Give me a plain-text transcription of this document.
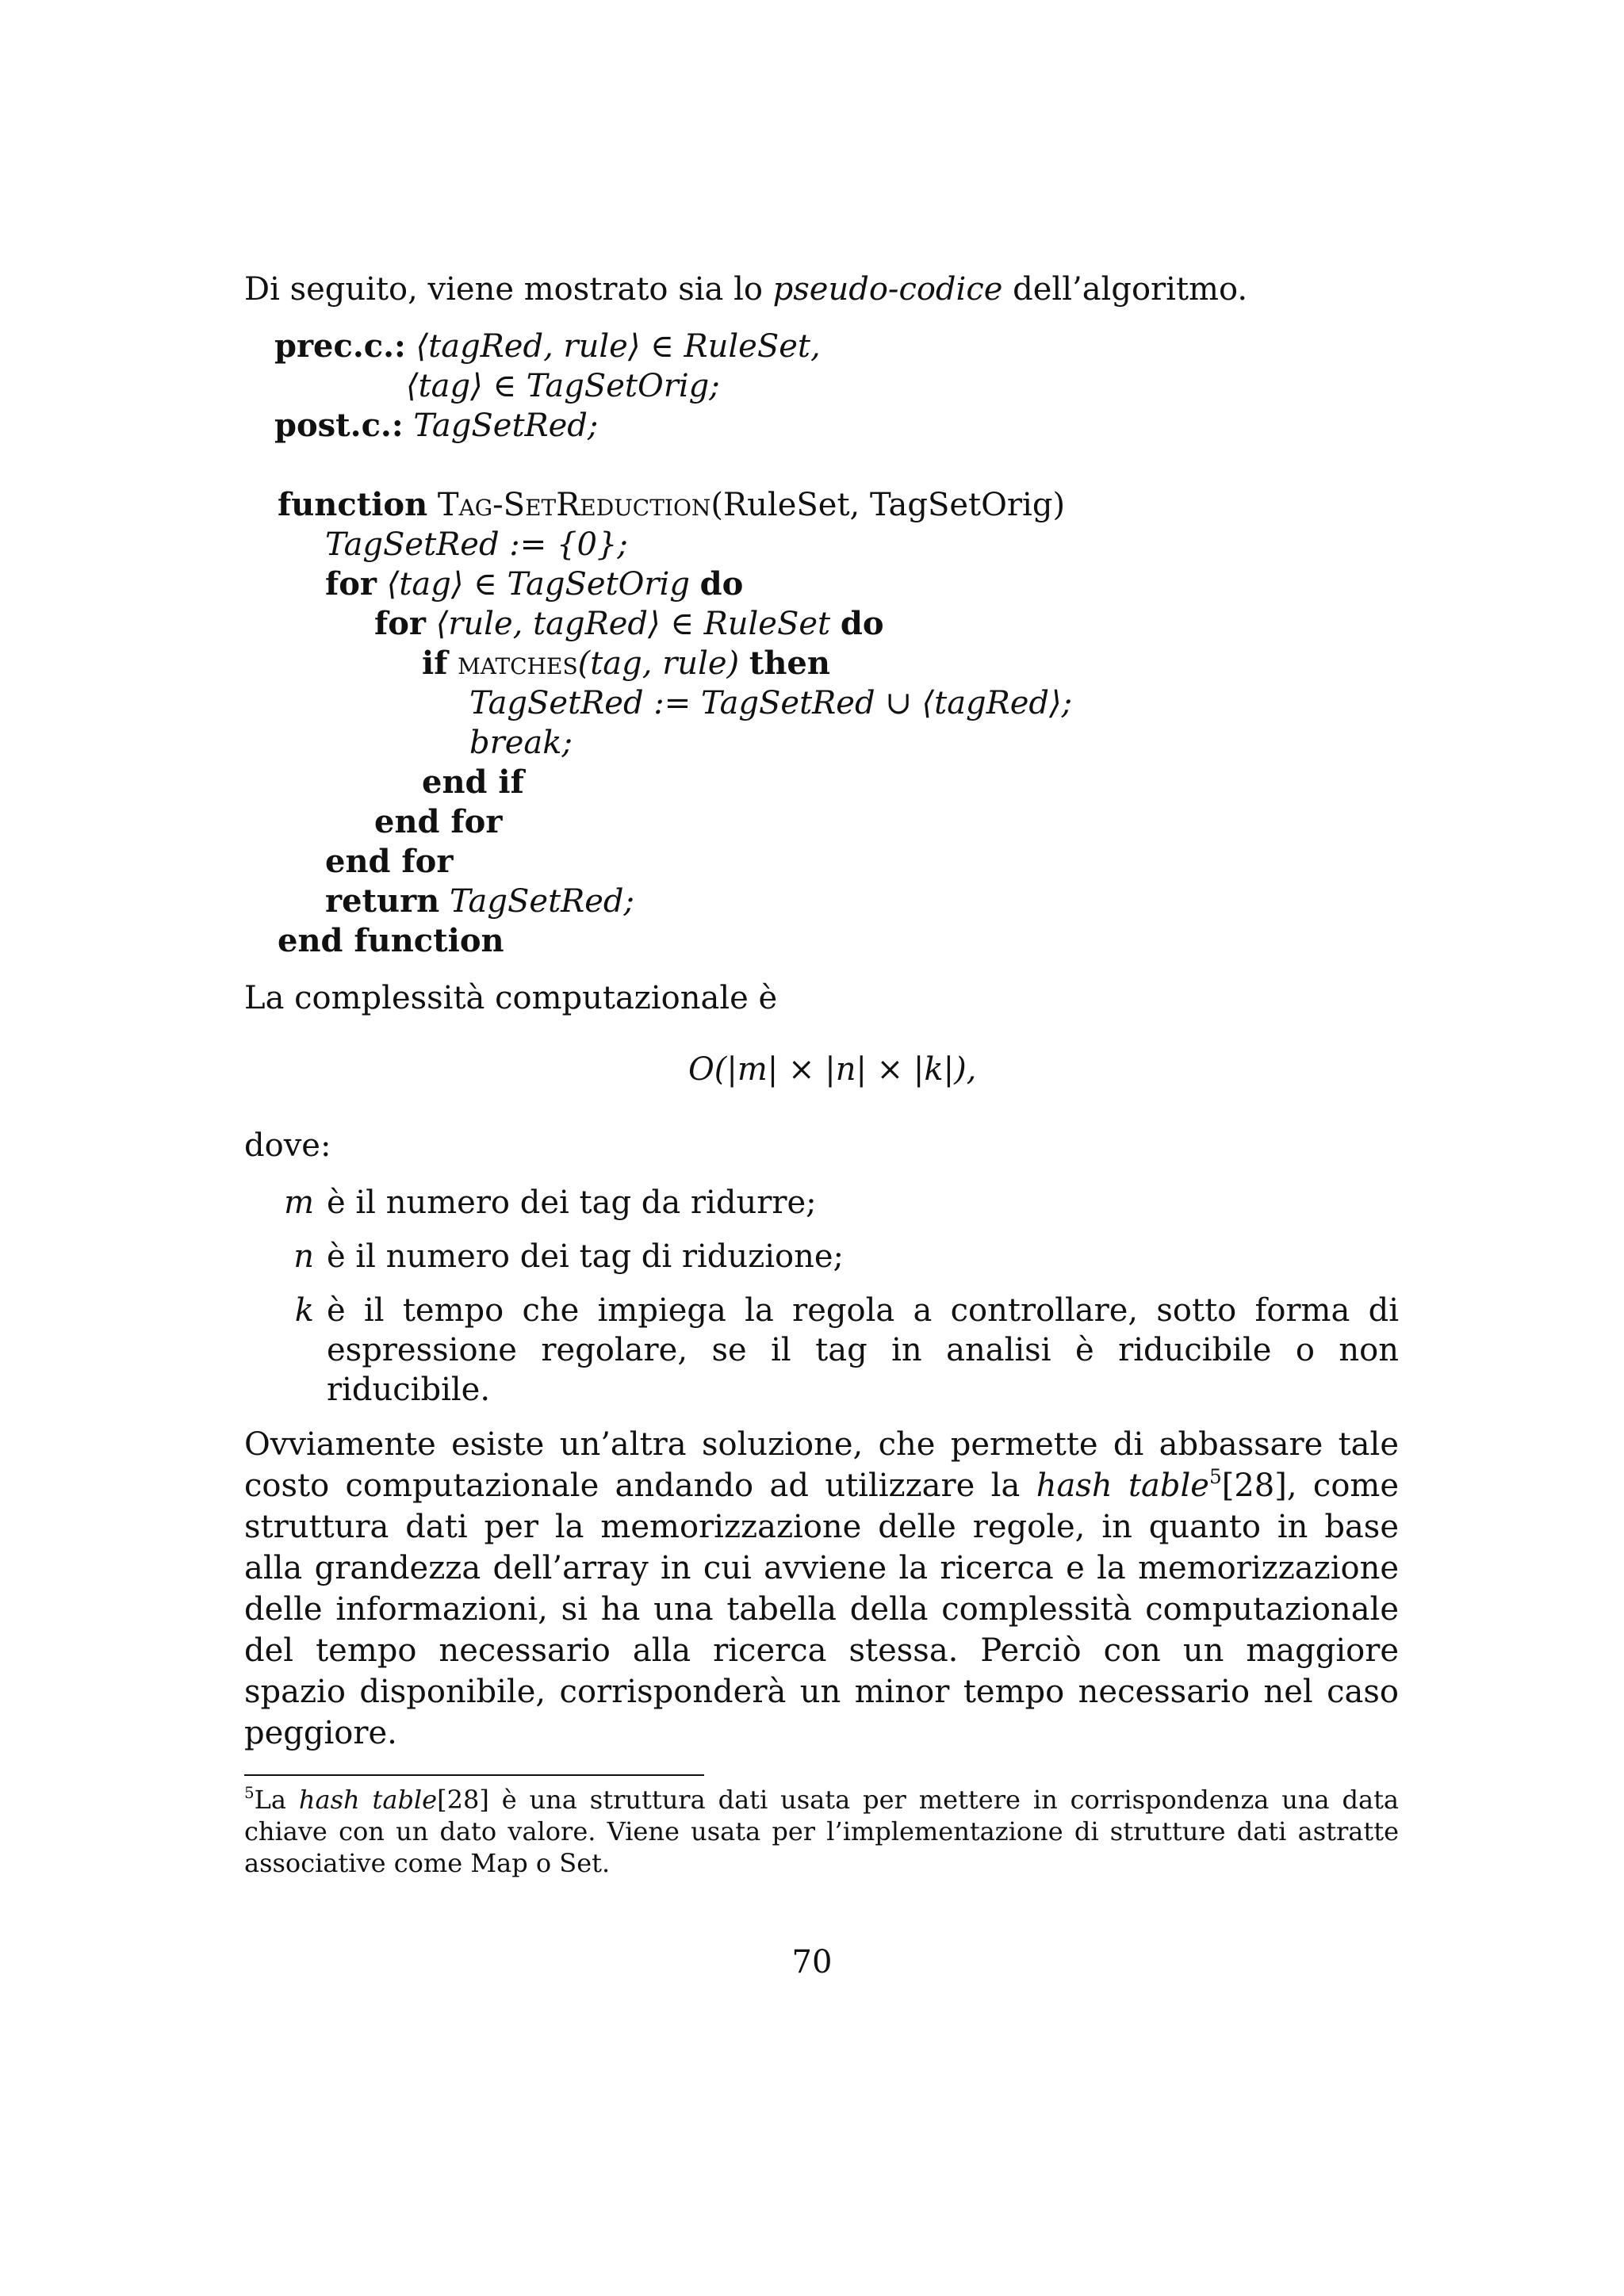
Di seguito, viene mostrato sia lo pseudo-codice dell’algoritmo.

prec.c.: ⟨tagRed, rule⟩ ∈ RuleSet,
⟨tag⟩ ∈ TagSetOrig;
post.c.: TagSetRed;
function Tag-SetReduction(RuleSet, TagSetOrig)
TagSetRed := {0};
for ⟨tag⟩ ∈ TagSetOrig do
for ⟨rule, tagRed⟩ ∈ RuleSet do
if matches(tag, rule) then
TagSetRed := TagSetRed ∪ ⟨tagRed⟩;
break;
end if
end for
end for
return TagSetRed;
end function

La complessità computazionale è

O(|m| × |n| × |k|),

dove:

m è il numero dei tag da ridurre;
n è il numero dei tag di riduzione;
k è il tempo che impiega la regola a controllare, sotto forma di espressione regolare, se il tag in analisi è riducibile o non riducibile.

Ovviamente esiste un’altra soluzione, che permette di abbassare tale costo computazionale andando ad utilizzare la hash table$^5$[28], come struttura dati per la memorizzazione delle regole, in quanto in base alla grandezza dell’array in cui avviene la ricerca e la memorizzazione delle informazioni, si ha una tabella della complessità computazionale del tempo necessario alla ricerca stessa. Perciò con un maggiore spazio disponibile, corrisponderà un minor tempo necessario nel caso peggiore.

$^5$La hash table[28] è una struttura dati usata per mettere in corrispondenza una data chiave con un dato valore. Viene usata per l’implementazione di strutture dati astratte associative come Map o Set.

70
